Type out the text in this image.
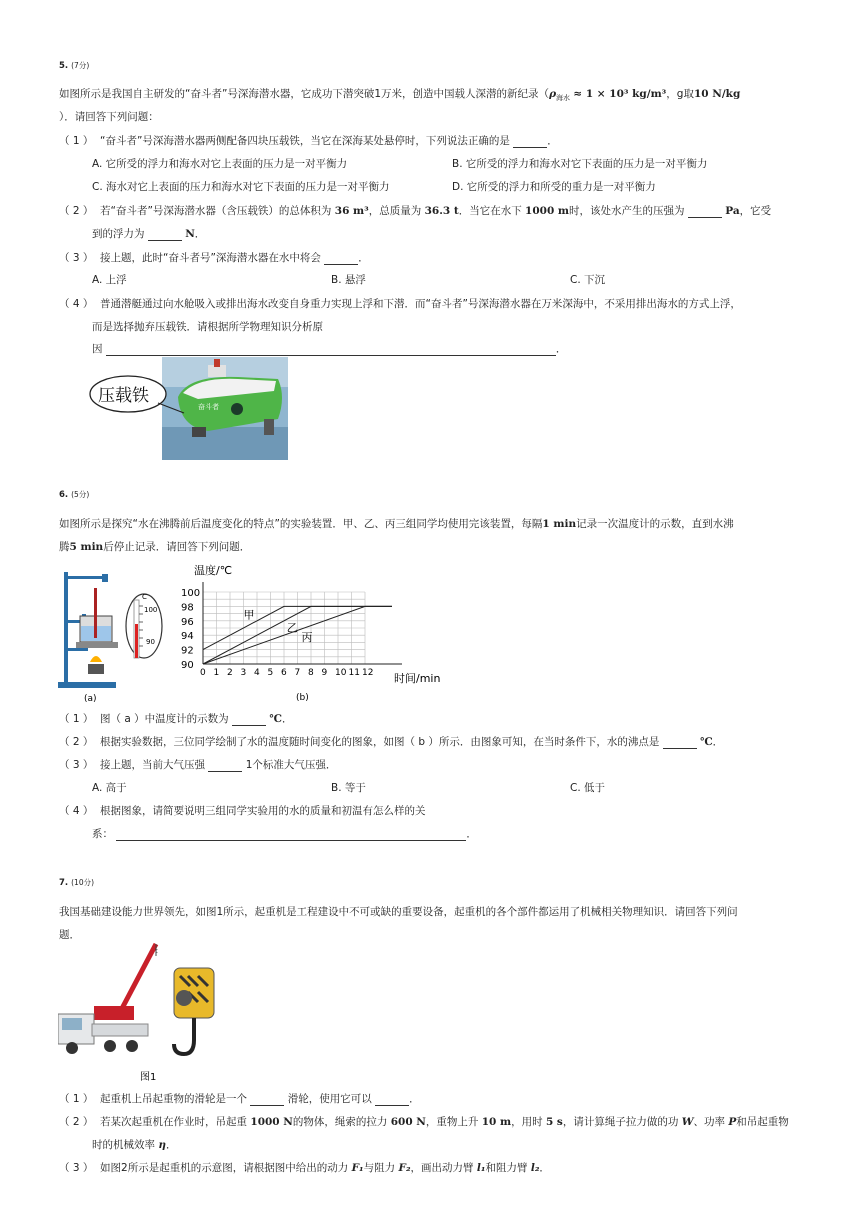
5. (7分)
如图所示是我国自主研发的“奋斗者”号深海潜水器，它成功下潜突破1万米，创造中国载人深潜的新纪录（$\rho_{海水} \approx 1 \times 10^3$ kg/m³，g取10 N/kg
）．请回答下列问题：
（ 1 ） “奋斗者”号深海潜水器两侧配备四块压载铁，当它在深海某处悬停时，下列说法正确的是	．
A. 它所受的浮力和海水对它上表面的压力是一对平衡力	B. 它所受的浮力和海水对它下表面的压力是一对平衡力
C. 海水对它上表面的压力和海水对它下表面的压力是一对平衡力	D. 它所受的浮力和所受的重力是一对平衡力
（ 2 ） 若“奋斗者”号深海潜水器（含压载铁）的总体积为 36 m³，总质量为 36.3 t．当它在水下 1000 m时，该处水产生的压强为	Pa，它受
到的浮力为	N．
（ 3 ） 接上题，此时“奋斗者号”深海潜水器在水中将会	．
A. 上浮	B. 悬浮	C. 下沉
（ 4 ） 普通潜艇通过向水舱吸入或排出海水改变自身重力实现上浮和下潜．而“奋斗者”号深海潜水器在万米深海中，不采用排出海水的方式上浮，
而是选择抛弃压载铁．请根据所学物理知识分析原
因	．
奋斗者
压载铁
6. (5分)
如图所示是探究“水在沸腾前后温度变化的特点”的实验装置．甲、乙、丙三组同学均使用完该装置，每隔1 min记录一次温度计的示数，直到水沸
腾5 min后停止记录．请回答下列问题．
C
100
90
(a)
0 1 2 3 4 5 6 7 8 9 10 11 12
90
92
94
96
98
100
甲
乙
丙
温度/℃
时间/min
(b)
（ 1 ） 图（ a ）中温度计的示数为	℃．
（ 2 ） 根据实验数据，三位同学绘制了水的温度随时间变化的图象，如图（ b ）所示．由图象可知，在当时条件下，水的沸点是	℃．
（ 3 ） 接上题，当前大气压强	1个标准大气压强．
A. 高于	B. 等于	C. 低于
（ 4 ） 根据图象，请简要说明三组同学实验用的水的质量和初温有怎么样的关
系：	．
7. (10分)
我国基础建设能力世界领先，如图1所示，起重机是工程建设中不可或缺的重要设备，起重机的各个部件都运用了机械相关物理知识．请回答下列问
题．
t
图1
（ 1 ） 起重机上吊起重物的滑轮是一个	滑轮，使用它可以	．
（ 2 ） 若某次起重机在作业时，吊起重 1000 N的物体，绳索的拉力 600 N，重物上升 10 m，用时 5 s，请计算绳子拉力做的功 W、功率 P和吊起重物
时的机械效率 η．
（ 3 ） 如图2所示是起重机的示意图，请根据图中给出的动力 F₁与阻力 F₂，画出动力臂 l₁和阻力臂 l₂．
